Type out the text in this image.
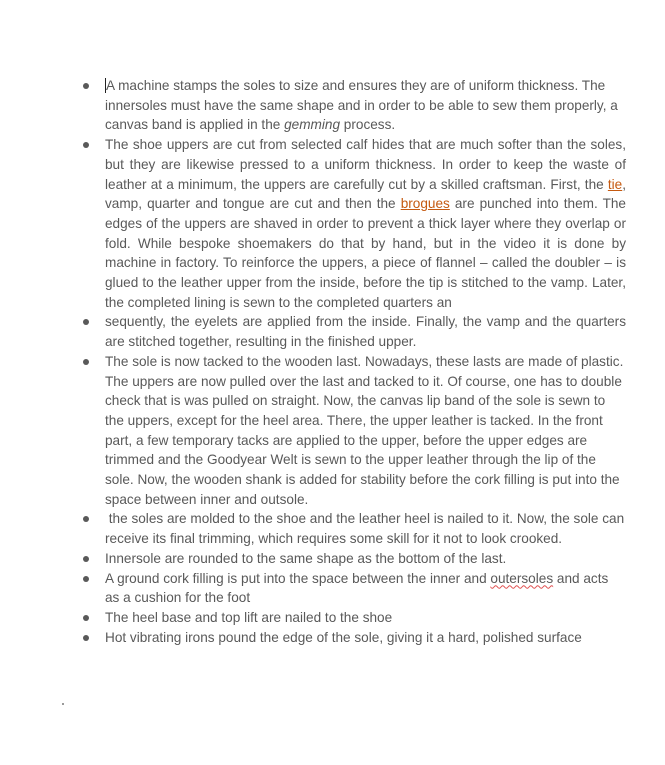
A machine stamps the soles to size and ensures they are of uniform thickness. The innersoles must have the same shape and in order to be able to sew them properly, a canvas band is applied in the gemming process.
The shoe uppers are cut from selected calf hides that are much softer than the soles, but they are likewise pressed to a uniform thickness. In order to keep the waste of leather at a minimum, the uppers are carefully cut by a skilled craftsman. First, the tie, vamp, quarter and tongue are cut and then the brogues are punched into them. The edges of the uppers are shaved in order to prevent a thick layer where they overlap or fold. While bespoke shoemakers do that by hand, but in the video it is done by machine in factory. To reinforce the uppers, a piece of flannel – called the doubler – is glued to the leather upper from the inside, before the tip is stitched to the vamp. Later, the completed lining is sewn to the completed quarters an
sequently, the eyelets are applied from the inside. Finally, the vamp and the quarters are stitched together, resulting in the finished upper.
The sole is now tacked to the wooden last. Nowadays, these lasts are made of plastic. The uppers are now pulled over the last and tacked to it. Of course, one has to double check that is was pulled on straight. Now, the canvas lip band of the sole is sewn to the uppers, except for the heel area. There, the upper leather is tacked. In the front part, a few temporary tacks are applied to the upper, before the upper edges are trimmed and the Goodyear Welt is sewn to the upper leather through the lip of the sole. Now, the wooden shank is added for stability before the cork filling is put into the space between inner and outsole.
the soles are molded to the shoe and the leather heel is nailed to it. Now, the sole can receive its final trimming, which requires some skill for it not to look crooked.
Innersole are rounded to the same shape as the bottom of the last.
A ground cork filling is put into the space between the inner and outersoles and acts as a cushion for the foot
The heel base and top lift are nailed to the shoe
Hot vibrating irons pound the edge of the sole, giving it a hard, polished surface
